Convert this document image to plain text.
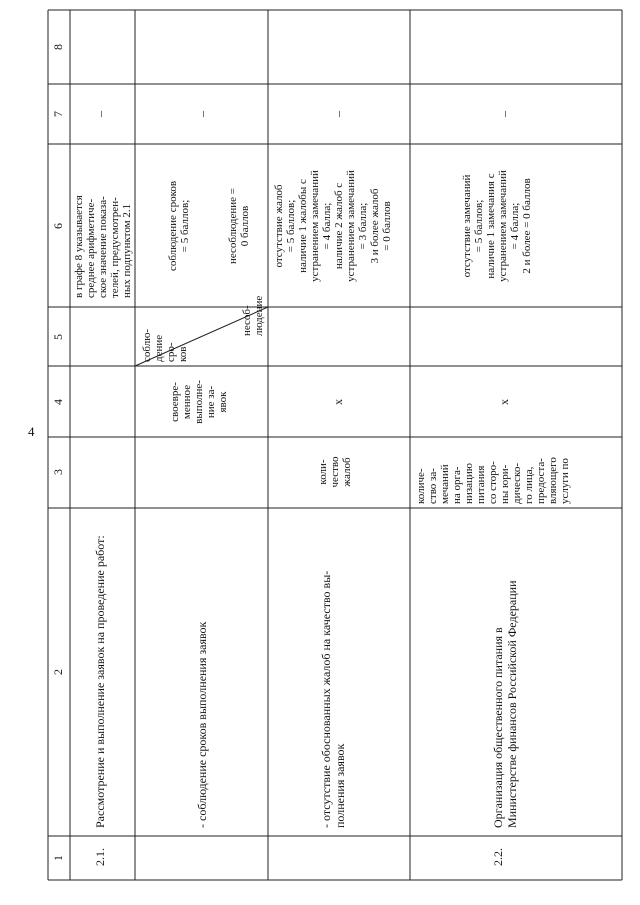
4
1
2
3
4
5
6
7
8
2.1.
Рассмотрение и выполнение заявок на проведение работ:
в графе 8 указывается среднее арифметиче- ское значение показа- телей, предусмотрен- ных подпунктом 2.1
–
- соблюдение сроков выполнения заявок
своевре- менное выполне- ние за- явок
соблю- дение сро- ков
несоб- людение
соблюдение сроков = 5 баллов;	несоблюдение = 0 баллов
–
- отсутствие обоснованных жалоб на качество вы- полнения заявок
коли- чество жалоб
х
отсутствие жалоб = 5 баллов; наличие 1 жалобы с устранением замечаний = 4 балла; наличие 2 жалоб с устранением замечаний = 3 балла; 3 и более жалоб = 0 баллов
–
2.2.
Организация общественного питания в Министерстве финансов Российской Федерации
количе- ство за- мечаний на орга- низацию питания со сторо- ны юри- дическо- го лица, предоста- вляющего услуги по
х
отсутствие замечаний = 5 баллов; наличие 1 замечания с устранением замечаний = 4 балла; 2 и более = 0 баллов
–
